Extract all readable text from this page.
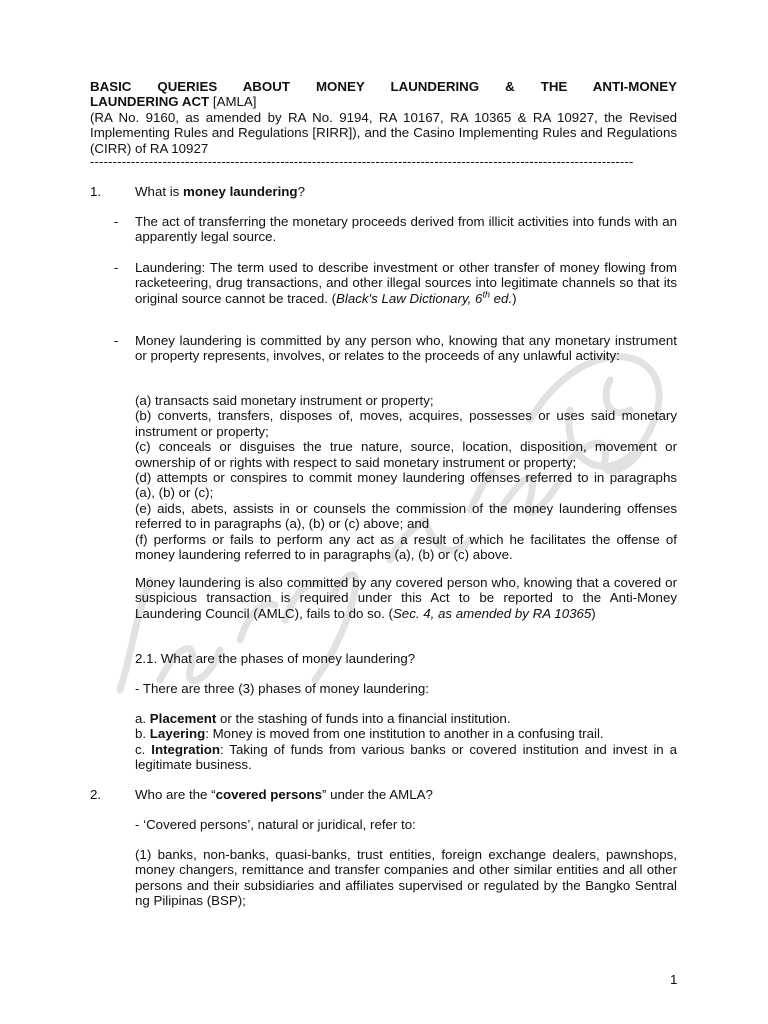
BASIC QUERIES ABOUT MONEY LAUNDERING & THE ANTI-MONEY

LAUNDERING ACT [AMLA]

(RA No. 9160, as amended by RA No. 9194, RA 10167, RA 10365 & RA 10927, the Revised Implementing Rules and Regulations [RIRR]), and the Casino Implementing Rules and Regulations (CIRR) of RA 10927

------------------------------------------------------------------------------------------------------------------------
1.	What is money laundering?
- The act of transferring the monetary proceeds derived from illicit activities into funds with an apparently legal source.
- Laundering: The term used to describe investment or other transfer of money flowing from racketeering, drug transactions, and other illegal sources into legitimate channels so that its original source cannot be traced. (Black's Law Dictionary, 6th ed.)
- Money laundering is committed by any person who, knowing that any monetary instrument or property represents, involves, or relates to the proceeds of any unlawful activity:

(a) transacts said monetary instrument or property;

(b) converts, transfers, disposes of, moves, acquires, possesses or uses said monetary instrument or property;

(c) conceals or disguises the true nature, source, location, disposition, movement or ownership of or rights with respect to said monetary instrument or property;

(d) attempts or conspires to commit money laundering offenses referred to in paragraphs (a), (b) or (c);

(e) aids, abets, assists in or counsels the commission of the money laundering offenses referred to in paragraphs (a), (b) or (c) above; and

(f) performs or fails to perform any act as a result of which he facilitates the offense of money laundering referred to in paragraphs (a), (b) or (c) above.

Money laundering is also committed by any covered person who, knowing that a covered or suspicious transaction is required under this Act to be reported to the Anti-Money Laundering Council (AMLC), fails to do so. (Sec. 4, as amended by RA 10365)

2.1. What are the phases of money laundering?
- There are three (3) phases of money laundering:

a. Placement or the stashing of funds into a financial institution.

b. Layering: Money is moved from one institution to another in a confusing trail.

c. Integration: Taking of funds from various banks or covered institution and invest in a legitimate business.

2.	Who are the “covered persons” under the AMLA?
- ‘Covered persons’, natural or juridical, refer to:
(1) banks, non-banks, quasi-banks, trust entities, foreign exchange dealers, pawnshops, money changers, remittance and transfer companies and other similar entities and all other persons and their subsidiaries and affiliates supervised or regulated by the Bangko Sentral ng Pilipinas (BSP);
1
